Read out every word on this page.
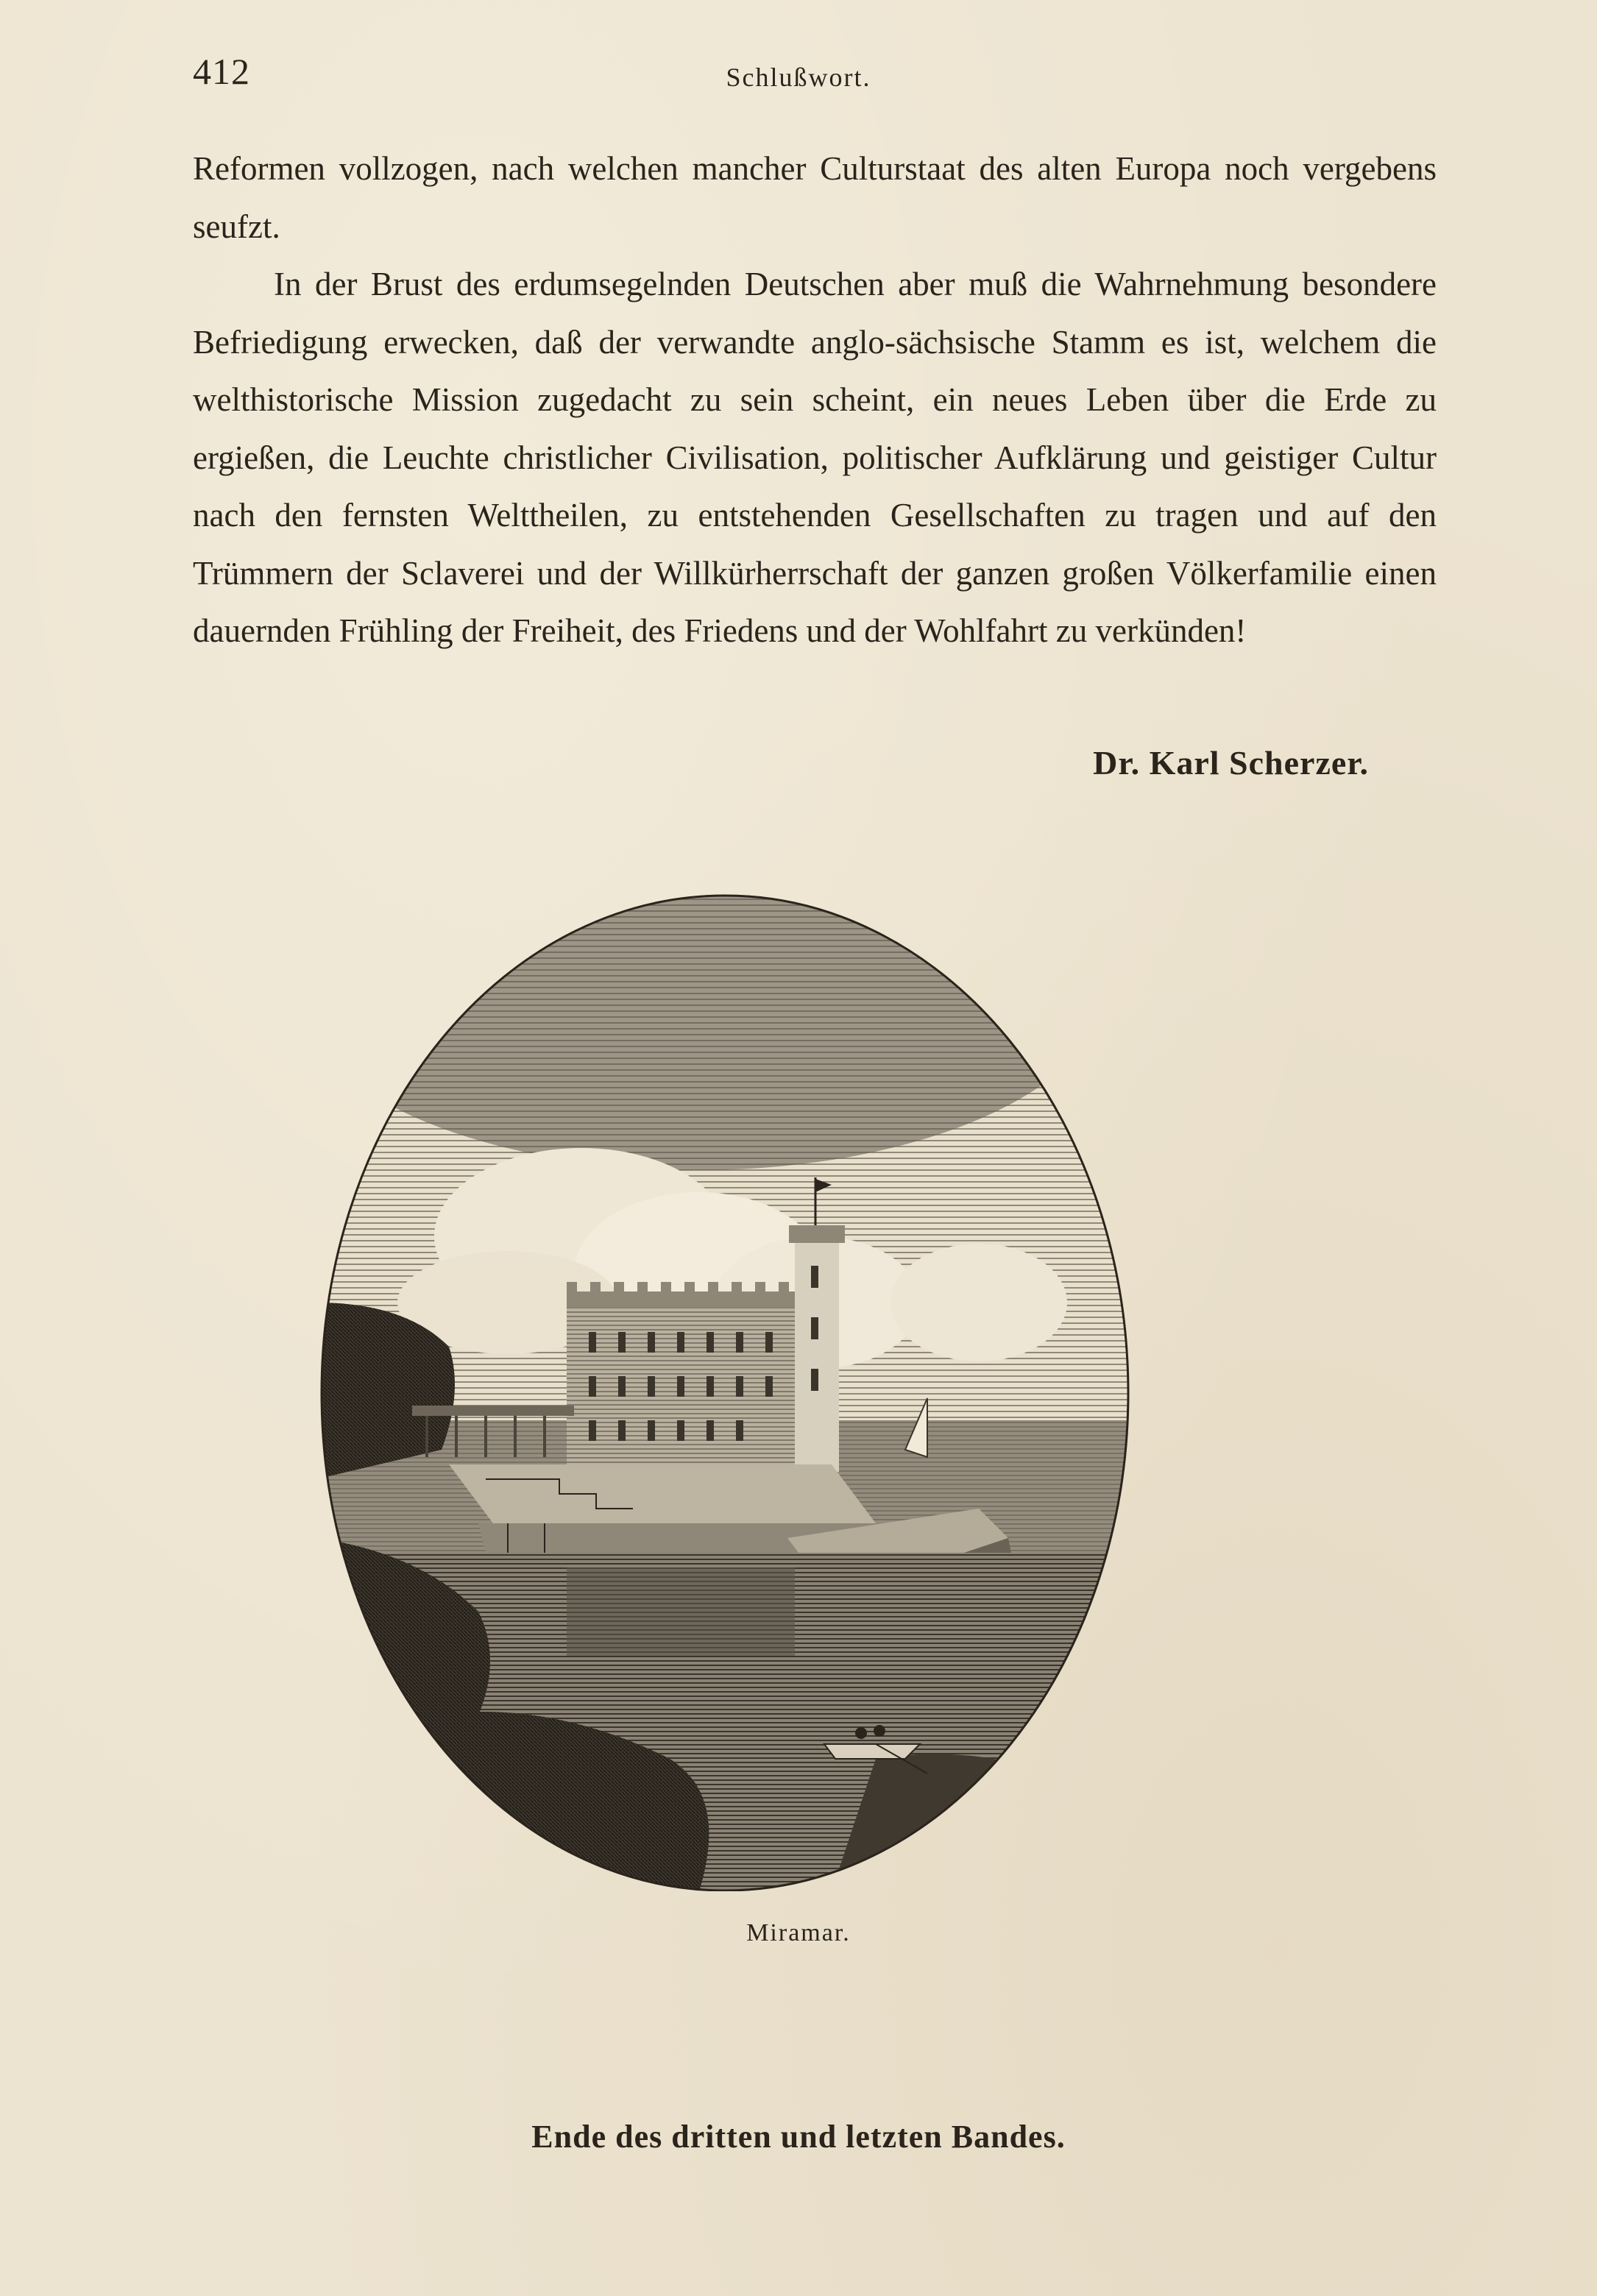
412	Schlußwort.

Reformen vollzogen, nach welchen mancher Culturstaat des alten Europa noch vergebens seufzt.

In der Brust des erdumsegelnden Deutschen aber muß die Wahrnehmung besondere Befriedigung erwecken, daß der verwandte anglo-sächsische Stamm es ist, welchem die welthistorische Mission zugedacht zu sein scheint, ein neues Leben über die Erde zu ergießen, die Leuchte christlicher Civilisation, politischer Aufklärung und geistiger Cultur nach den fernsten Welttheilen, zu entstehenden Gesellschaften zu tragen und auf den Trümmern der Sclaverei und der Willkürherrschaft der ganzen großen Völkerfamilie einen dauernden Frühling der Freiheit, des Friedens und der Wohlfahrt zu verkünden!

Dr. Karl Scherzer.
Miramar.
Ende des dritten und letzten Bandes.
